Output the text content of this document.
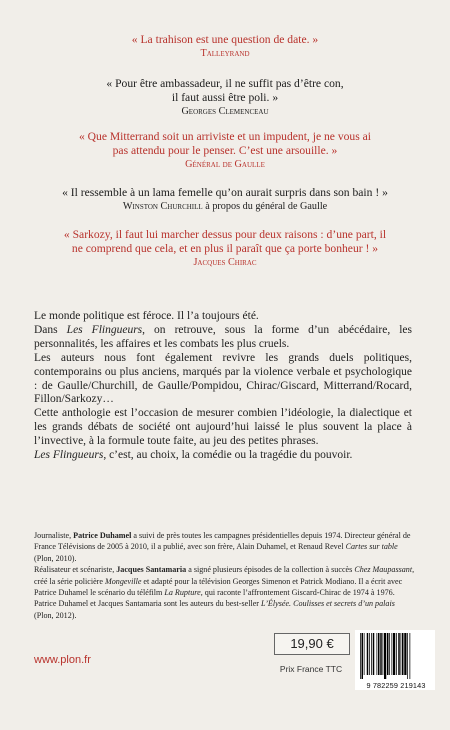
« La trahison est une question de date. »
Talleyrand
« Pour être ambassadeur, il ne suffit pas d’être con,
il faut aussi être poli. »
Georges Clemenceau
« Que Mitterrand soit un arriviste et un impudent, je ne vous ai
pas attendu pour le penser. C’est une arsouille. »
Général de Gaulle
« Il ressemble à un lama femelle qu’on aurait surpris dans son bain ! »
Winston Churchill à propos du général de Gaulle
« Sarkozy, il faut lui marcher dessus pour deux raisons : d’une part, il
ne comprend que cela, et en plus il paraît que ça porte bonheur ! »
Jacques Chirac

Le monde politique est féroce. Il l’a toujours été.

Dans Les Flingueurs, on retrouve, sous la forme d’un abécédaire, les personnalités, les affaires et les combats les plus cruels.

Les auteurs nous font également revivre les grands duels politiques, contemporains ou plus anciens, marqués par la violence verbale et psychologique : de Gaulle/Churchill, de Gaulle/Pompidou, Chirac/Giscard, Mitterrand/Rocard, Fillon/Sarkozy…

Cette anthologie est l’occasion de mesurer combien l’idéologie, la dialectique et les grands débats de société ont aujourd’hui laissé le plus souvent la place à l’invective, à la formule toute faite, au jeu des petites phrases.

Les Flingueurs, c’est, au choix, la comédie ou la tragédie du pouvoir.

Journaliste, Patrice Duhamel a suivi de près toutes les campagnes présidentielles depuis 1974. Directeur général de France Télévisions de 2005 à 2010, il a publié, avec son frère, Alain Duhamel, et Renaud Revel Cartes sur table (Plon, 2010).

Réalisateur et scénariste, Jacques Santamaria a signé plusieurs épisodes de la collection à succès Chez Maupassant, créé la série policière Mongeville et adapté pour la télévision Georges Simenon et Patrick Modiano. Il a écrit avec Patrice Duhamel le scénario du téléfilm La Rupture, qui raconte l’affrontement Giscard-Chirac de 1974 à 1976.

Patrice Duhamel et Jacques Santamaria sont les auteurs du best-seller L’Élysée. Coulisses et secrets d’un palais (Plon, 2012).

www.plon.fr
19,90 €
Prix France TTC
9 782259 219143
